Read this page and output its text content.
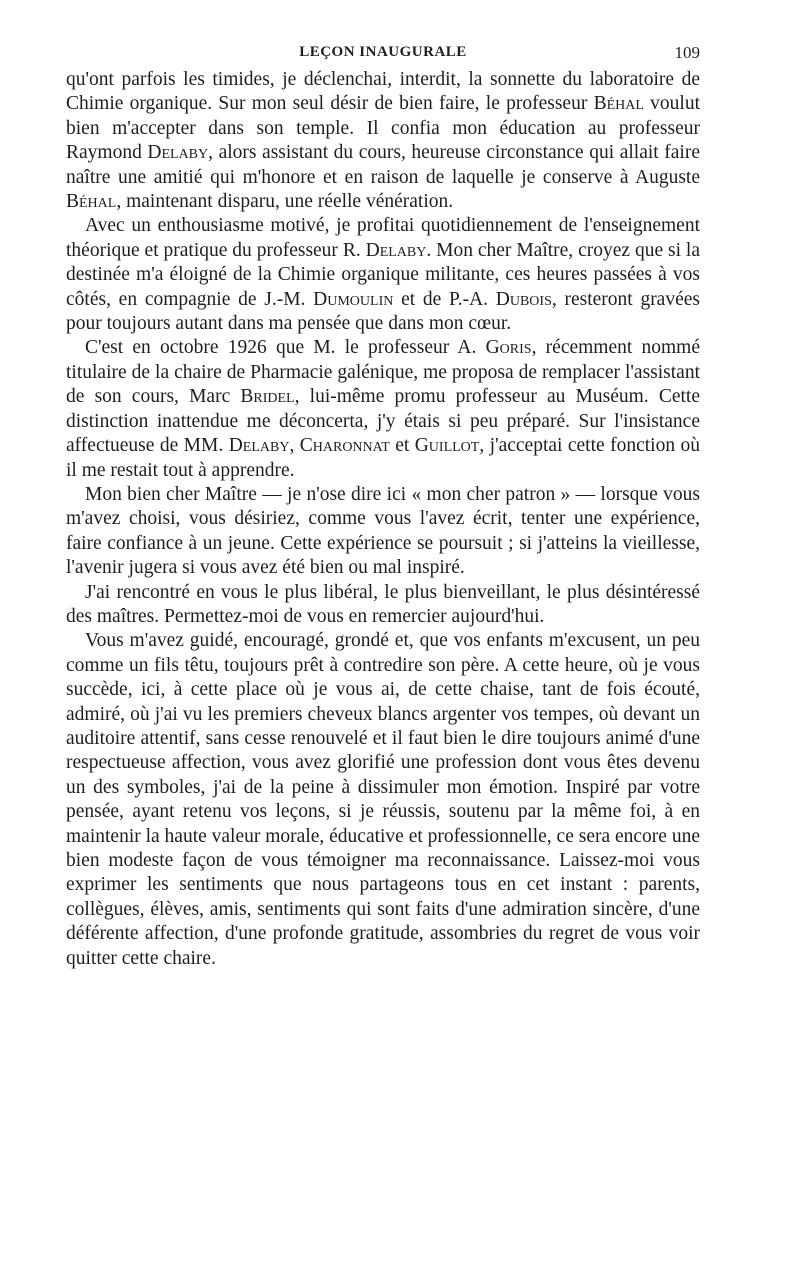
LEÇON INAUGURALE	109

qu'ont parfois les timides, je déclenchai, interdit, la sonnette du laboratoire de Chimie organique. Sur mon seul désir de bien faire, le professeur Béhal voulut bien m'accepter dans son temple. Il confia mon éducation au professeur Raymond Delaby, alors assistant du cours, heureuse circonstance qui allait faire naître une amitié qui m'honore et en raison de laquelle je conserve à Auguste Béhal, maintenant disparu, une réelle vénération.

Avec un enthousiasme motivé, je profitai quotidiennement de l'enseignement théorique et pratique du professeur R. Delaby. Mon cher Maître, croyez que si la destinée m'a éloigné de la Chimie organique militante, ces heures passées à vos côtés, en compagnie de J.-M. Dumoulin et de P.-A. Dubois, resteront gravées pour toujours autant dans ma pensée que dans mon cœur.

C'est en octobre 1926 que M. le professeur A. Goris, récemment nommé titulaire de la chaire de Pharmacie galénique, me proposa de remplacer l'assistant de son cours, Marc Bridel, lui-même promu professeur au Muséum. Cette distinction inattendue me déconcerta, j'y étais si peu préparé. Sur l'insistance affectueuse de MM. Delaby, Charonnat et Guillot, j'acceptai cette fonction où il me restait tout à apprendre.

Mon bien cher Maître — je n'ose dire ici « mon cher patron » — lorsque vous m'avez choisi, vous désiriez, comme vous l'avez écrit, tenter une expérience, faire confiance à un jeune. Cette expérience se poursuit ; si j'atteins la vieillesse, l'avenir jugera si vous avez été bien ou mal inspiré.

J'ai rencontré en vous le plus libéral, le plus bienveillant, le plus désintéressé des maîtres. Permettez-moi de vous en remercier aujourd'hui.

Vous m'avez guidé, encouragé, grondé et, que vos enfants m'excusent, un peu comme un fils têtu, toujours prêt à contredire son père. A cette heure, où je vous succède, ici, à cette place où je vous ai, de cette chaise, tant de fois écouté, admiré, où j'ai vu les premiers cheveux blancs argenter vos tempes, où devant un auditoire attentif, sans cesse renouvelé et il faut bien le dire toujours animé d'une respectueuse affection, vous avez glorifié une profession dont vous êtes devenu un des symboles, j'ai de la peine à dissimuler mon émotion. Inspiré par votre pensée, ayant retenu vos leçons, si je réussis, soutenu par la même foi, à en maintenir la haute valeur morale, éducative et professionnelle, ce sera encore une bien modeste façon de vous témoigner ma reconnaissance. Laissez-moi vous exprimer les sentiments que nous partageons tous en cet instant : parents, collègues, élèves, amis, sentiments qui sont faits d'une admiration sincère, d'une déférente affection, d'une profonde gratitude, assombries du regret de vous voir quitter cette chaire.
